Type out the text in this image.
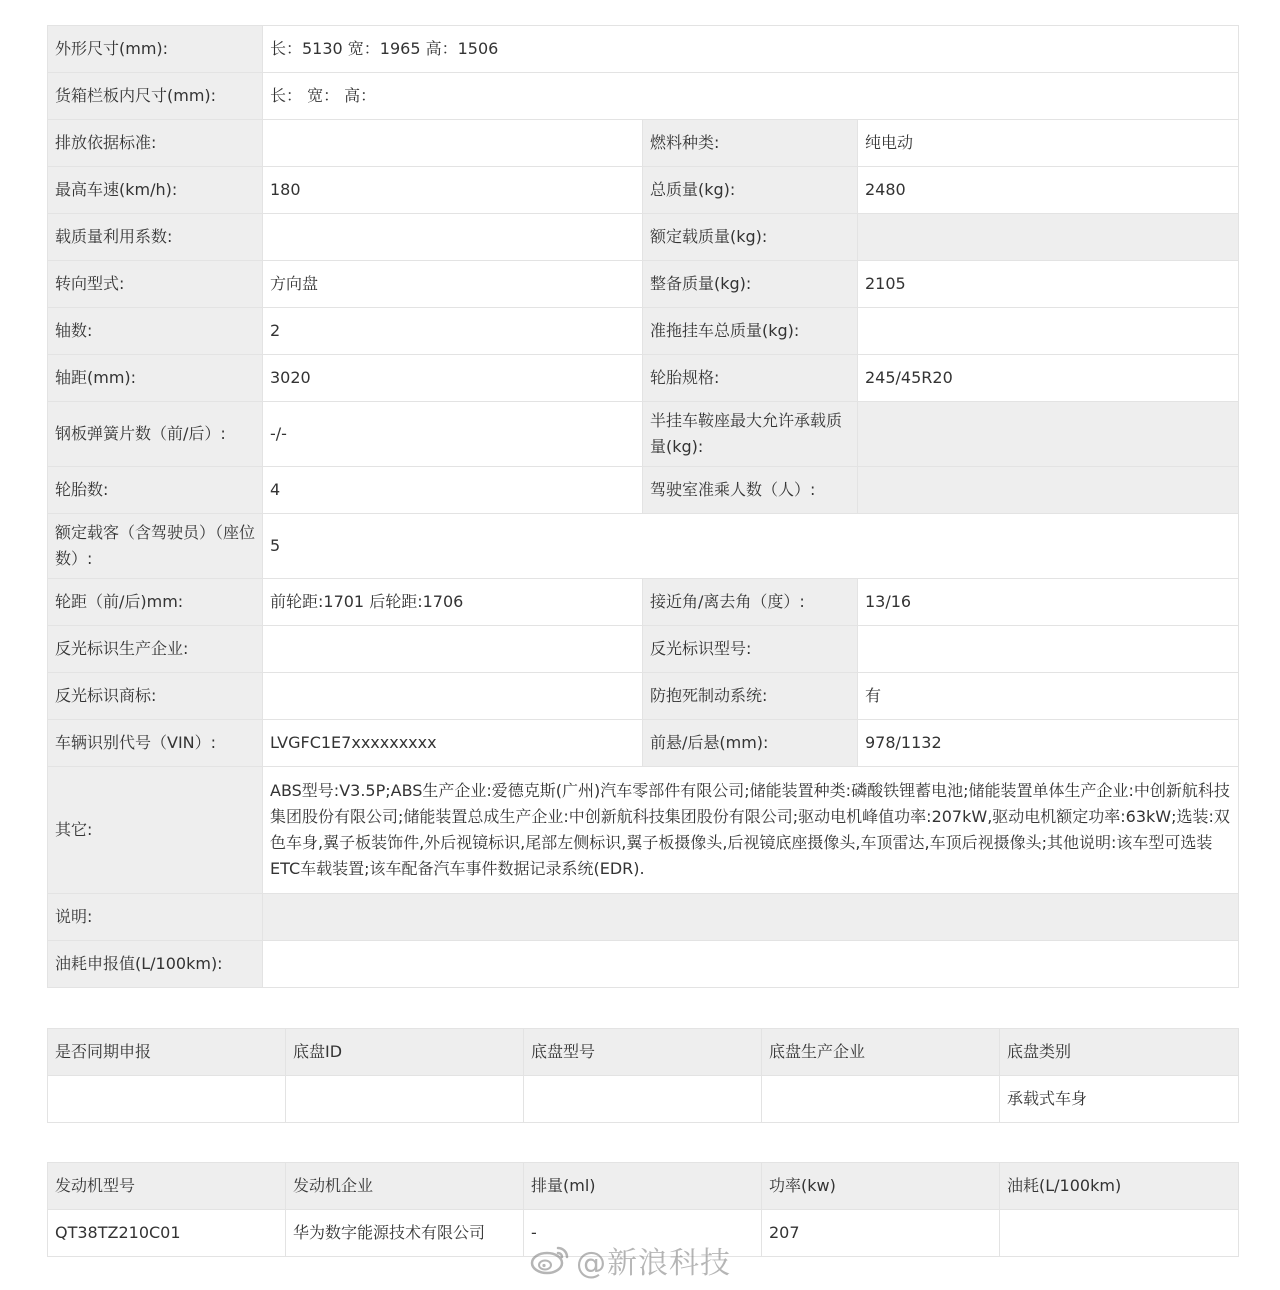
外形尺寸(mm):	长：5130 宽：1965 高：1506		
货箱栏板内尺寸(mm):	长： 宽： 高：		
排放依据标准:		燃料种类:	纯电动
最高车速(km/h):	180	总质量(kg):	2480
载质量利用系数:		额定载质量(kg):	
转向型式:	方向盘	整备质量(kg):	2105
轴数:	2	准拖挂车总质量(kg):	
轴距(mm):	3020	轮胎规格:	245/45R20
钢板弹簧片数（前/后）:	-/-	半挂车鞍座最大允许承载质量(kg):	
轮胎数:	4	驾驶室准乘人数（人）:	
额定载客（含驾驶员）（座位数）:	5		
轮距（前/后)mm:	前轮距:1701 后轮距:1706	接近角/离去角（度）:	13/16
反光标识生产企业:		反光标识型号:	
反光标识商标:		防抱死制动系统:	有
车辆识别代号（VIN）:	LVGFC1E7xxxxxxxxx	前悬/后悬(mm):	978/1132
其它:	ABS型号:V3.5P;ABS生产企业:爱德克斯(广州)汽车零部件有限公司;储能装置种类:磷酸铁锂蓄电池;储能装置单体生产企业:中创新航科技集团股份有限公司;储能装置总成生产企业:中创新航科技集团股份有限公司;驱动电机峰值功率:207kW,驱动电机额定功率:63kW;选装:双色车身,翼子板装饰件,外后视镜标识,尾部左侧标识,翼子板摄像头,后视镜底座摄像头,车顶雷达,车顶后视摄像头;其他说明:该车型可选装ETC车载装置;该车配备汽车事件数据记录系统(EDR).		
说明:			
油耗申报值(L/100km):			
是否同期申报	底盘ID	底盘型号	底盘生产企业	底盘类别
				承载式车身
发动机型号	发动机企业	排量(ml)	功率(kw)	油耗(L/100km)
QT38TZ210C01	华为数字能源技术有限公司	-	207	
@新浪科技
